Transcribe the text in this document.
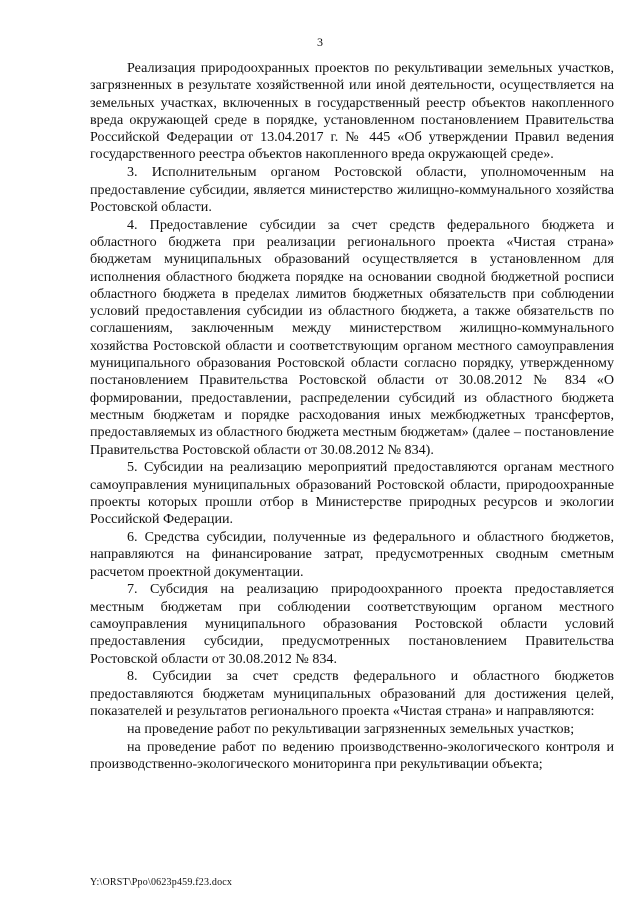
3

Реализация природоохранных проектов по рекультивации земельных участков, загрязненных в результате хозяйственной или иной деятельности, осуществляется на земельных участках, включенных в государственный реестр объектов накопленного вреда окружающей среде в порядке, установленном постановлением Правительства Российской Федерации от 13.04.2017 г. № 445 «Об утверждении Правил ведения государственного реестра объектов накопленного вреда окружающей среде».

3. Исполнительным органом Ростовской области, уполномоченным на предоставление субсидии, является министерство жилищно-коммунального хозяйства Ростовской области.

4. Предоставление субсидии за счет средств федерального бюджета и областного бюджета при реализации регионального проекта «Чистая страна» бюджетам муниципальных образований осуществляется в установленном для исполнения областного бюджета порядке на основании сводной бюджетной росписи областного бюджета в пределах лимитов бюджетных обязательств при соблюдении условий предоставления субсидии из областного бюджета, а также обязательств по соглашениям, заключенным между министерством жилищно-коммунального хозяйства Ростовской области и соответствующим органом местного самоуправления муниципального образования Ростовской области согласно порядку, утвержденному постановлением Правительства Ростовской области от 30.08.2012 № 834 «О формировании, предоставлении, распределении субсидий из областного бюджета местным бюджетам и порядке расходования иных межбюджетных трансфертов, предоставляемых из областного бюджета местным бюджетам» (далее – постановление Правительства Ростовской области от 30.08.2012 № 834).

5. Субсидии на реализацию мероприятий предоставляются органам местного самоуправления муниципальных образований Ростовской области, природоохранные проекты которых прошли отбор в Министерстве природных ресурсов и экологии Российской Федерации.

6. Средства субсидии, полученные из федерального и областного бюджетов, направляются на финансирование затрат, предусмотренных сводным сметным расчетом проектной документации.

7. Субсидия на реализацию природоохранного проекта предоставляется местным бюджетам при соблюдении соответствующим органом местного самоуправления муниципального образования Ростовской области условий предоставления субсидии, предусмотренных постановлением Правительства Ростовской области от 30.08.2012 № 834.

8. Субсидии за счет средств федерального и областного бюджетов предоставляются бюджетам муниципальных образований для достижения целей, показателей и результатов регионального проекта «Чистая страна» и направляются:

на проведение работ по рекультивации загрязненных земельных участков;

на проведение работ по ведению производственно-экологического контроля и производственно-экологического мониторинга при рекультивации объекта;

Y:\ORST\Ppo\0623p459.f23.docx
